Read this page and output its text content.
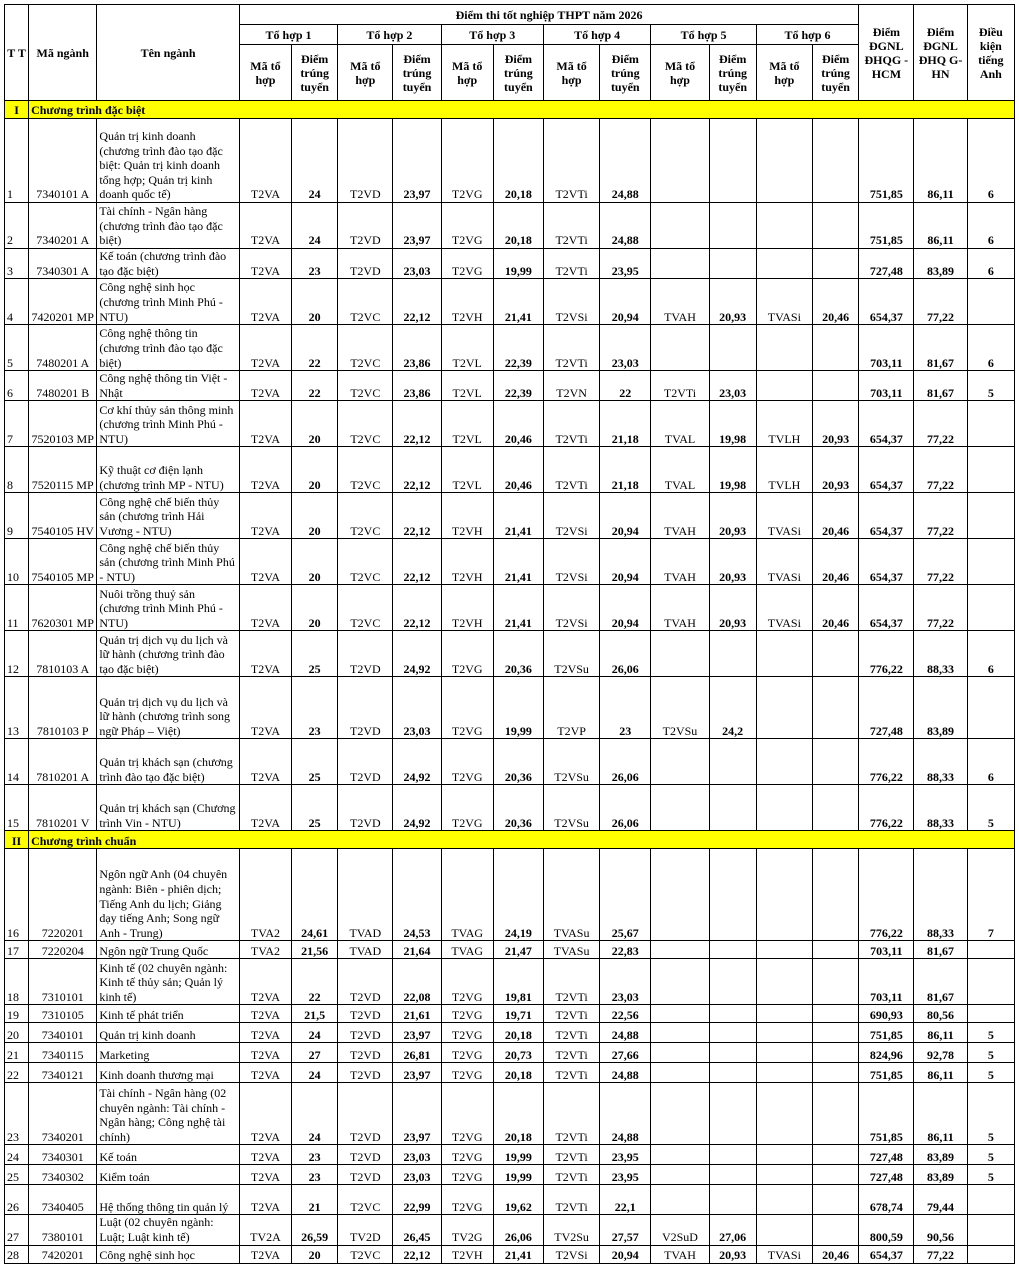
T T	Mã ngành	Tên ngành	Điểm thi tốt nghiệp THPT năm 2026												Điểm ĐGNL ĐHQG -HCM	Điểm ĐGNL ĐHQ G-HN	Điều kiện tiếng Anh
			Tổ hợp 1		Tổ hợp 2		Tổ hợp 3		Tổ hợp 4		Tổ hợp 5		Tổ hợp 6				
			Mã tổ hợp	Điểm trúng tuyển	Mã tổ hợp	Điểm trúng tuyển	Mã tổ hợp	Điểm trúng tuyển	Mã tổ hợp	Điểm trúng tuyển	Mã tổ hợp	Điểm trúng tuyển	Mã tổ hợp	Điểm trúng tuyển			
I	Chương trình đặc biệt																
1	7340101 A	Quản trị kinh doanh (chương trình đào tạo đặc biệt: Quản trị kinh doanh tổng hợp; Quản trị kinh doanh quốc tế)	T2VA	24	T2VD	23,97	T2VG	20,18	T2VTi	24,88					751,85	86,11	6
2	7340201 A	Tài chính - Ngân hàng (chương trình đào tạo đặc biệt)	T2VA	24	T2VD	23,97	T2VG	20,18	T2VTi	24,88					751,85	86,11	6
3	7340301 A	Kế toán (chương trình đào tạo đặc biệt)	T2VA	23	T2VD	23,03	T2VG	19,99	T2VTi	23,95					727,48	83,89	6
4	7420201 MP	Công nghệ sinh học (chương trình Minh Phú - NTU)	T2VA	20	T2VC	22,12	T2VH	21,41	T2VSi	20,94	TVAH	20,93	TVASi	20,46	654,37	77,22	
5	7480201 A	Công nghệ thông tin (chương trình đào tạo đặc biệt)	T2VA	22	T2VC	23,86	T2VL	22,39	T2VTi	23,03					703,11	81,67	6
6	7480201 B	Công nghệ thông tin Việt - Nhật	T2VA	22	T2VC	23,86	T2VL	22,39	T2VN	22	T2VTi	23,03			703,11	81,67	5
7	7520103 MP	Cơ khí thủy sản thông minh (chương trình Minh Phú - NTU)	T2VA	20	T2VC	22,12	T2VL	20,46	T2VTi	21,18	TVAL	19,98	TVLH	20,93	654,37	77,22	
8	7520115 MP	Kỹ thuật cơ điện lạnh (chương trình MP - NTU)	T2VA	20	T2VC	22,12	T2VL	20,46	T2VTi	21,18	TVAL	19,98	TVLH	20,93	654,37	77,22	
9	7540105 HV	Công nghệ chế biến thủy sản (chương trình Hải Vương - NTU)	T2VA	20	T2VC	22,12	T2VH	21,41	T2VSi	20,94	TVAH	20,93	TVASi	20,46	654,37	77,22	
10	7540105 MP	Công nghệ chế biến thủy sản (chương trình Minh Phú - NTU)	T2VA	20	T2VC	22,12	T2VH	21,41	T2VSi	20,94	TVAH	20,93	TVASi	20,46	654,37	77,22	
11	7620301 MP	Nuôi trồng thuỷ sản (chương trình Minh Phú - NTU)	T2VA	20	T2VC	22,12	T2VH	21,41	T2VSi	20,94	TVAH	20,93	TVASi	20,46	654,37	77,22	
12	7810103 A	Quản trị dịch vụ du lịch và lữ hành (chương trình đào tạo đặc biệt)	T2VA	25	T2VD	24,92	T2VG	20,36	T2VSu	26,06					776,22	88,33	6
13	7810103 P	Quản trị dịch vụ du lịch và lữ hành (chương trình song ngữ Pháp – Việt)	T2VA	23	T2VD	23,03	T2VG	19,99	T2VP	23	T2VSu	24,2			727,48	83,89	
14	7810201 A	Quản trị khách sạn (chương trình đào tạo đặc biệt)	T2VA	25	T2VD	24,92	T2VG	20,36	T2VSu	26,06					776,22	88,33	6
15	7810201 V	Quản trị khách sạn (Chương trình Vin - NTU)	T2VA	25	T2VD	24,92	T2VG	20,36	T2VSu	26,06					776,22	88,33	5
II	Chương trình chuẩn																
16	7220201	Ngôn ngữ Anh (04 chuyên ngành: Biên - phiên dịch; Tiếng Anh du lịch; Giảng dạy tiếng Anh; Song ngữ Anh - Trung)	TVA2	24,61	TVAD	24,53	TVAG	24,19	TVASu	25,67					776,22	88,33	7
17	7220204	Ngôn ngữ Trung Quốc	TVA2	21,56	TVAD	21,64	TVAG	21,47	TVASu	22,83					703,11	81,67	
18	7310101	Kinh tế (02 chuyên ngành: Kinh tế thủy sản; Quản lý kinh tế)	T2VA	22	T2VD	22,08	T2VG	19,81	T2VTi	23,03					703,11	81,67	
19	7310105	Kinh tế phát triển	T2VA	21,5	T2VD	21,61	T2VG	19,71	T2VTi	22,56					690,93	80,56	
20	7340101	Quản trị kinh doanh	T2VA	24	T2VD	23,97	T2VG	20,18	T2VTi	24,88					751,85	86,11	5
21	7340115	Marketing	T2VA	27	T2VD	26,81	T2VG	20,73	T2VTi	27,66					824,96	92,78	5
22	7340121	Kinh doanh thương mại	T2VA	24	T2VD	23,97	T2VG	20,18	T2VTi	24,88					751,85	86,11	5
23	7340201	Tài chính - Ngân hàng (02 chuyên ngành: Tài chính - Ngân hàng; Công nghệ tài chính)	T2VA	24	T2VD	23,97	T2VG	20,18	T2VTi	24,88					751,85	86,11	5
24	7340301	Kế toán	T2VA	23	T2VD	23,03	T2VG	19,99	T2VTi	23,95					727,48	83,89	5
25	7340302	Kiểm toán	T2VA	23	T2VD	23,03	T2VG	19,99	T2VTi	23,95					727,48	83,89	5
26	7340405	Hệ thống thông tin quản lý	T2VA	21	T2VC	22,99	T2VG	19,62	T2VTi	22,1					678,74	79,44	
27	7380101	Luật (02 chuyên ngành: Luật; Luật kinh tế)	TV2A	26,59	TV2D	26,45	TV2G	26,06	TV2Su	27,57	V2SuD	27,06			800,59	90,56	
28	7420201	Công nghệ sinh học	T2VA	20	T2VC	22,12	T2VH	21,41	T2VSi	20,94	TVAH	20,93	TVASi	20,46	654,37	77,22	
